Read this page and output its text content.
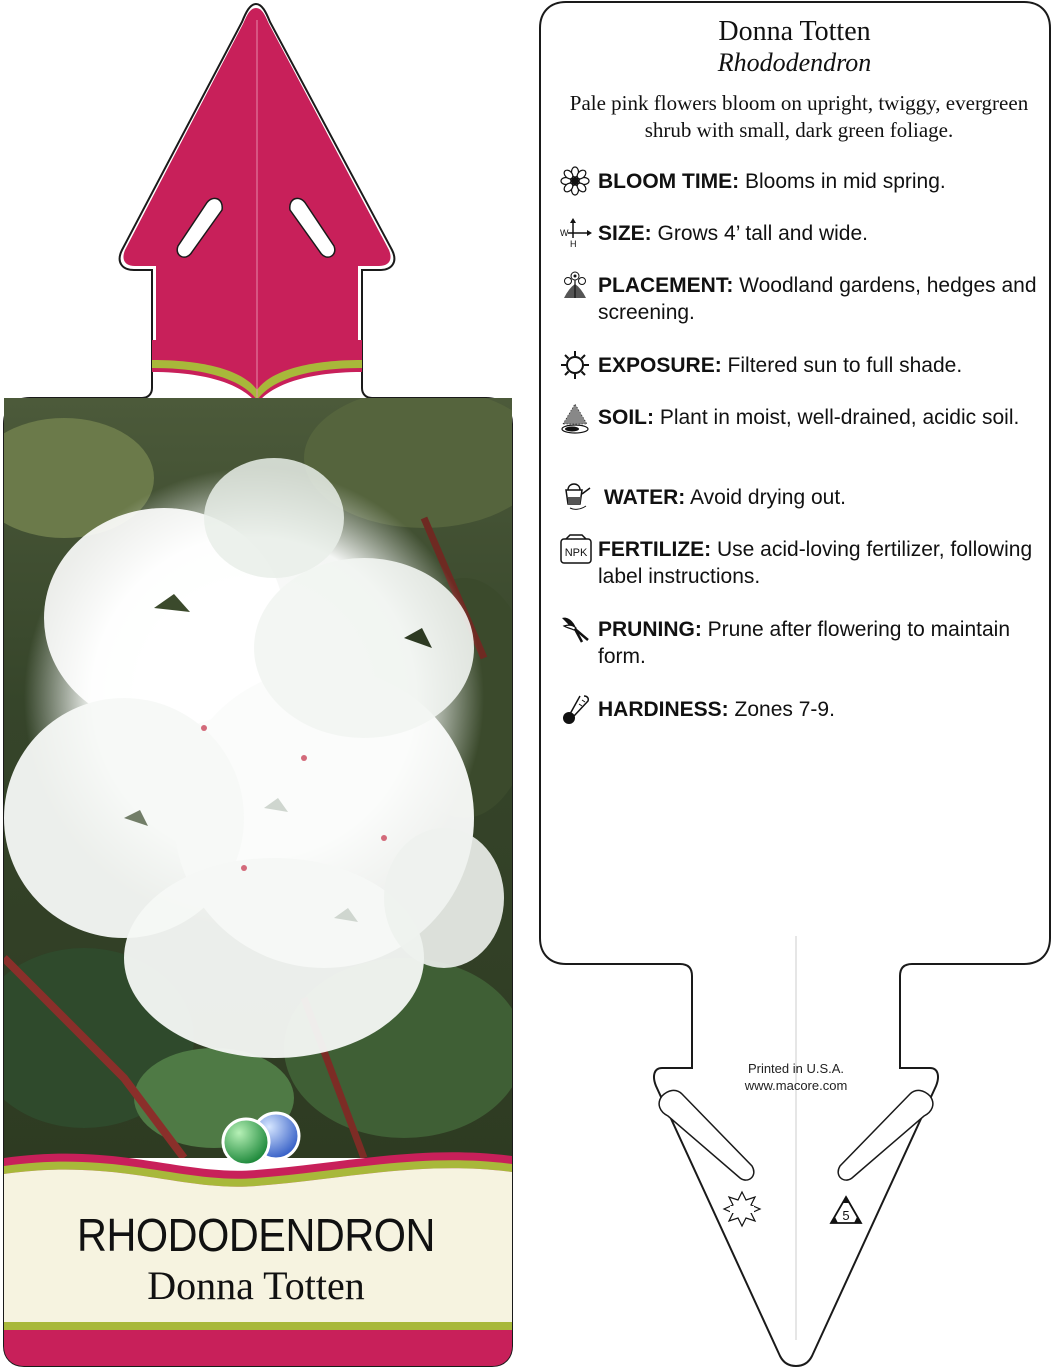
RHODODENDRON
Donna Totten
Donna Totten
Rhododendron
Pale pink flowers bloom on upright, twiggy, evergreen shrub with small, dark green foliage.
BLOOM TIME: Blooms in mid spring.
W
H SIZE: Grows 4’ tall and wide.
PLACEMENT: Woodland gardens, hedges and screening.
EXPOSURE: Filtered sun to full shade.
SOIL: Plant in moist, well-drained, acidic soil.
WATER: Avoid drying out.
NPK FERTILIZE: Use acid-loving fertilizer, following label instructions.
PRUNING: Prune after flowering to maintain form.
HARDINESS: Zones 7-9.
Printed in U.S.A.
www.macore.com
5
